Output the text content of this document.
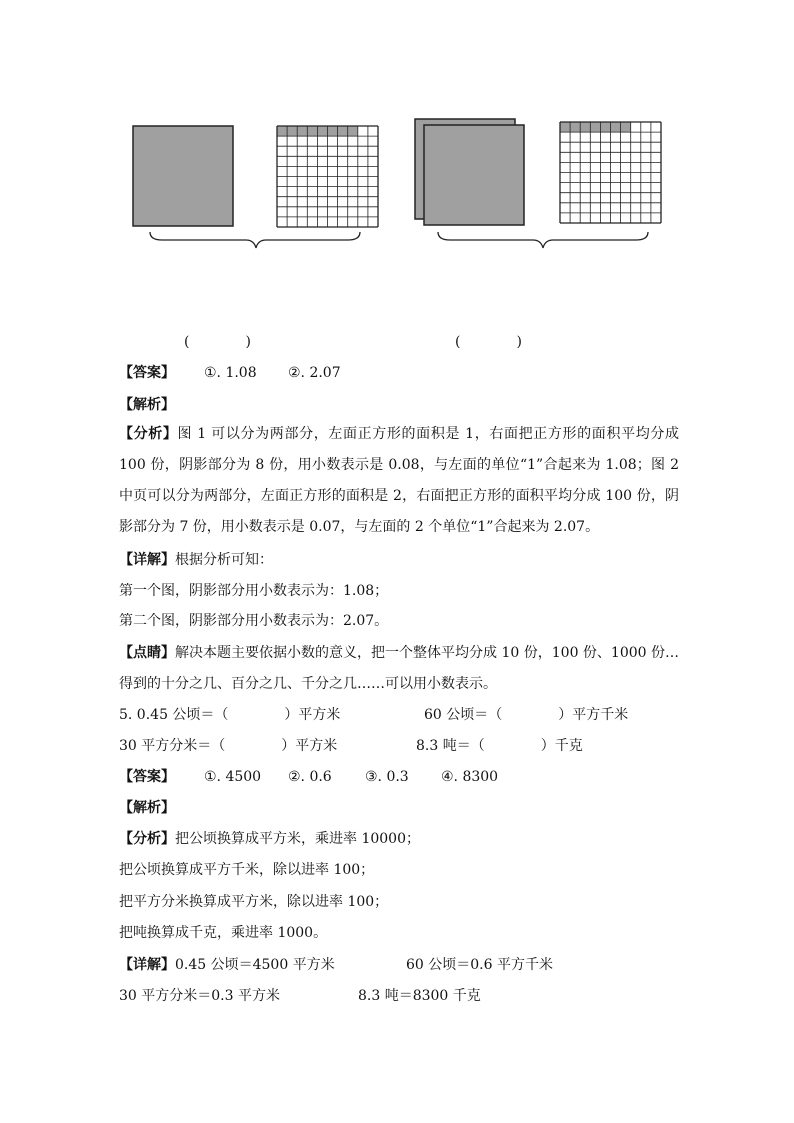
(　　　　)	(　　　　)
【答案】 ①. 1.08 ②. 2.07
【解析】
【分析】图 1 可以分为两部分，左面正方形的面积是 1，右面把正方形的面积平均分成 100 份，阴影部分为 8 份，用小数表示是 0.08，与左面的单位“1”合起来为 1.08；图 2 中页可以分为两部分，左面正方形的面积是 2，右面把正方形的面积平均分成 100 份，阴影部分为 7 份，用小数表示是 0.07，与左面的 2 个单位“1”合起来为 2.07。
【详解】根据分析可知：
第一个图，阴影部分用小数表示为：1.08；
第二个图，阴影部分用小数表示为：2.07。
【点睛】解决本题主要依据小数的意义，把一个整体平均分成 10 份，100 份、1000 份…得到的十分之几、百分之几、千分之几……可以用小数表示。
5. 0.45 公顷＝（　　　　）平方米	60 公顷＝（　　　　）平方千米
30 平方分米＝（　　　　）平方米	8.3 吨＝（　　　　）千克
【答案】 ①. 4500 ②. 0.6 ③. 0.3 ④. 8300
【解析】
【分析】把公顷换算成平方米，乘进率 10000；
把公顷换算成平方千米，除以进率 100；
把平方分米换算成平方米，除以进率 100；
把吨换算成千克，乘进率 1000。
【详解】0.45 公顷＝4500 平方米	60 公顷＝0.6 平方千米
30 平方分米＝0.3 平方米	8.3 吨＝8300 千克
